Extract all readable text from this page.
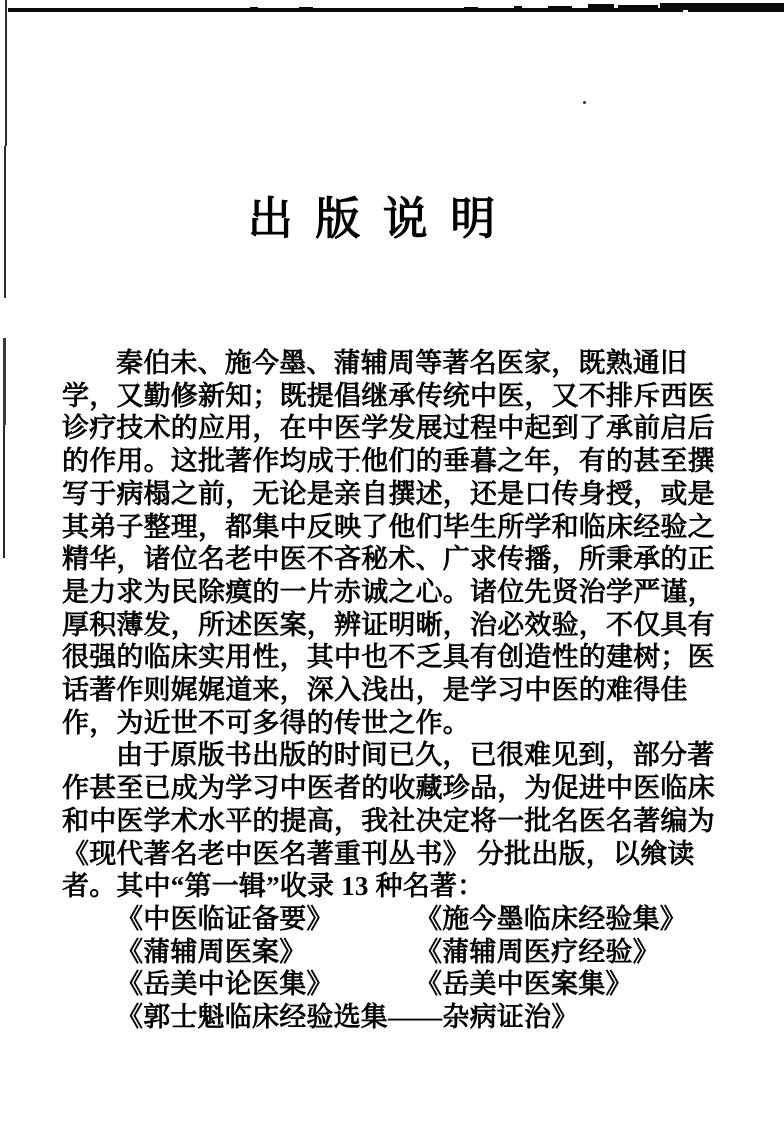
出 版 说 明
秦伯未、施今墨、蒲辅周等著名医家，既熟通旧
学，又勤修新知；既提倡继承传统中医，又不排斥西医
诊疗技术的应用，在中医学发展过程中起到了承前启后
的作用。这批著作均成于他们的垂暮之年，有的甚至撰
写于病榻之前，无论是亲自撰述，还是口传身授，或是
其弟子整理，都集中反映了他们毕生所学和临床经验之
精华，诸位名老中医不吝秘术、广求传播，所秉承的正
是力求为民除瘼的一片赤诚之心。诸位先贤治学严谨，
厚积薄发，所述医案，辨证明晰，治必效验，不仅具有
很强的临床实用性，其中也不乏具有创造性的建树；医
话著作则娓娓道来，深入浅出，是学习中医的难得佳
作，为近世不可多得的传世之作。
由于原版书出版的时间已久，已很难见到，部分著
作甚至已成为学习中医者的收藏珍品，为促进中医临床
和中医学术水平的提高，我社决定将一批名医名著编为
《现代著名老中医名著重刊丛书》 分批出版，以飨读
者。其中“第一辑”收录 13 种名著：
《中医临证备要》	《施今墨临床经验集》
《蒲辅周医案》	《蒲辅周医疗经验》
《岳美中论医集》	《岳美中医案集》
《郭士魁临床经验选集——杂病证治》
